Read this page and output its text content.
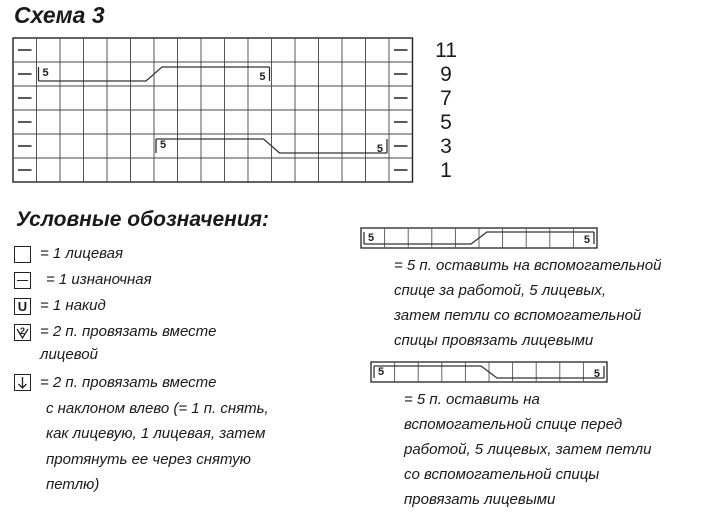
Схема 3
5	5
5	5
11
9
7
5
3
1
Условные обозначения:
U
2
= 1 лицевая
= 1 изнаночная
= 1 накид
= 2 п. провязать вместе
лицевой
= 2 п. провязать вместе
с наклоном влево (= 1 п. снять,
как лицевую, 1 лицевая, затем
протянуть ее через снятую
петлю)
5	5
5	5
= 5 п. оставить на вспомогательной
спице за работой, 5 лицевых,
затем петли со вспомогательной
спицы провязать лицевыми
= 5 п. оставить на
вспомогательной спице перед
работой, 5 лицевых, затем петли
со вспомогательной спицы
провязать лицевыми
